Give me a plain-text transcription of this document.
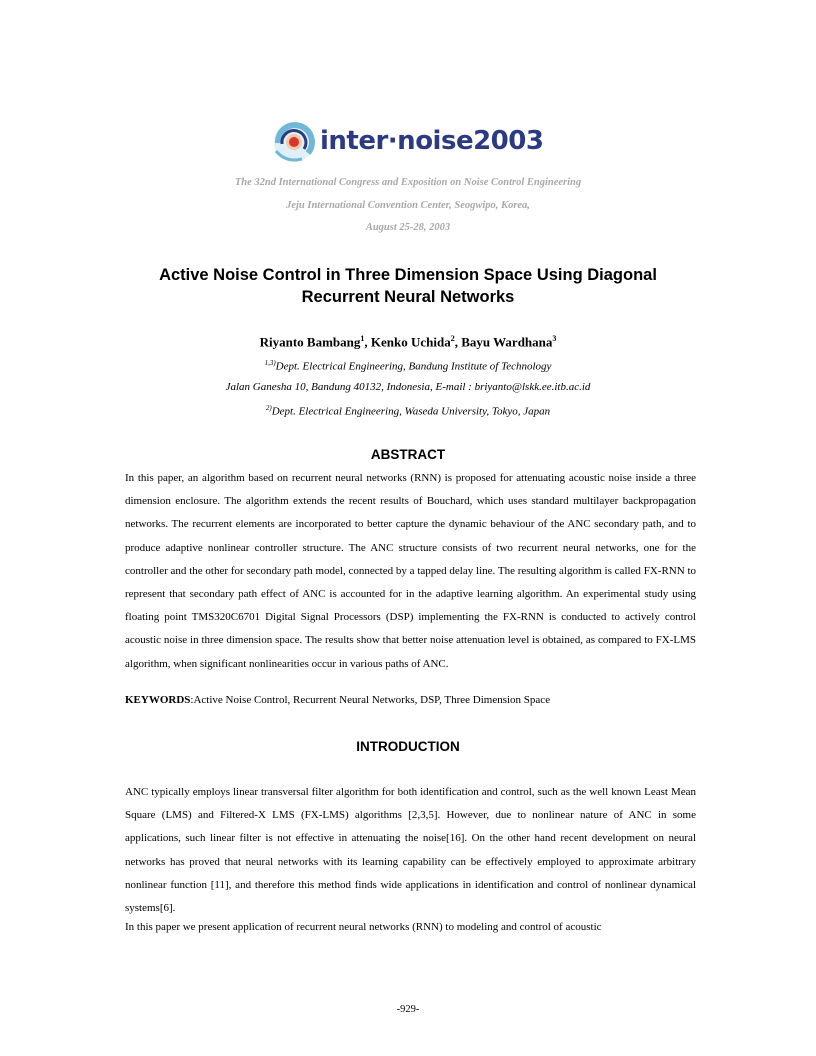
inter·noise2003
The 32nd International Congress and Exposition on Noise Control Engineering
Jeju International Convention Center, Seogwipo, Korea,
August 25-28, 2003
Active Noise Control in Three Dimension Space Using Diagonal
Recurrent Neural Networks
Riyanto Bambang$^1$, Kenko Uchida$^2$, Bayu Wardhana$^3$
$^{1,3)}$Dept. Electrical Engineering, Bandung Institute of Technology
Jalan Ganesha 10, Bandung 40132, Indonesia, E-mail : briyanto@lskk.ee.itb.ac.id
$^{2)}$Dept. Electrical Engineering, Waseda University, Tokyo, Japan
ABSTRACT

In this paper, an algorithm based on recurrent neural networks (RNN) is proposed for attenuating acoustic noise inside a three dimension enclosure. The algorithm extends the recent results of Bouchard, which uses standard multilayer backpropagation networks. The recurrent elements are incorporated to better capture the dynamic behaviour of the ANC secondary path, and to produce adaptive nonlinear controller structure. The ANC structure consists of two recurrent neural networks, one for the controller and the other for secondary path model, connected by a tapped delay line. The resulting algorithm is called FX-RNN to represent that secondary path effect of ANC is accounted for in the adaptive learning algorithm. An experimental study using floating point TMS320C6701 Digital Signal Processors (DSP) implementing the FX-RNN is conducted to actively control acoustic noise in three dimension space. The results show that better noise attenuation level is obtained, as compared to FX-LMS algorithm, when significant nonlinearities occur in various paths of ANC.

KEYWORDS:Active Noise Control, Recurrent Neural Networks, DSP, Three Dimension Space
INTRODUCTION

ANC typically employs linear transversal filter algorithm for both identification and control, such as the well known Least Mean Square (LMS) and Filtered-X LMS (FX-LMS) algorithms [2,3,5]. However, due to nonlinear nature of ANC in some applications, such linear filter is not effective in attenuating the noise[16]. On the other hand recent development on neural networks has proved that neural networks with its learning capability can be effectively employed to approximate arbitrary nonlinear function [11], and therefore this method finds wide applications in identification and control of nonlinear dynamical systems[6].

In this paper we present application of recurrent neural networks (RNN) to modeling and control of acoustic

-929-
